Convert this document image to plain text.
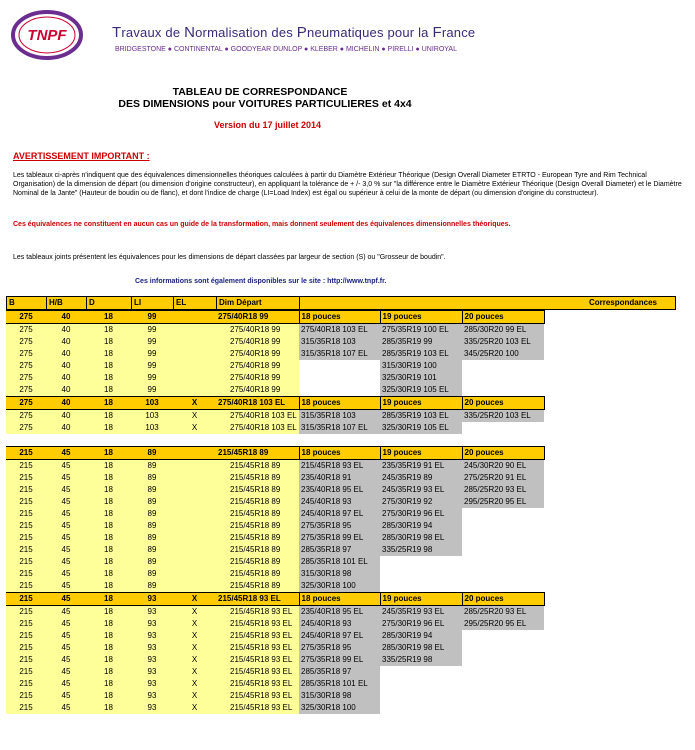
TNPF	Travaux de Normalisation des Pneumatiques pour la France
BRIDGESTONE ● CONTINENTAL ● GOODYEAR DUNLOP ● KLEBER ● MICHELIN ● PIRELLI ● UNIROYAL
TABLEAU DE CORRESPONDANCE
DES DIMENSIONS pour VOITURES PARTICULIERES et 4x4
Version du 17 juillet 2014
AVERTISSEMENT IMPORTANT :
Les tableaux ci-après n'indiquent que des équivalences dimensionnelles théoriques calculées à partir du Diamètre Extérieur Théorique (Design Overall Diameter ETRTO - European Tyre and Rim Technical Organisation) de la dimension de départ (ou dimension d'origine constructeur), en appliquant la tolérance de + /- 3,0 % sur "la différence entre le Diamètre Extérieur Théorique (Design Overall Diameter) et le Diamètre Nominal de la Jante" (Hauteur de boudin ou de flanc), et dont l'indice de charge (LI=Load Index) est égal ou supérieur à celui de la monte de départ (ou dimension d'origine du constructeur).
Ces équivalences ne constituent en aucun cas un guide de la transformation, mais donnent seulement des équivalences dimensionnelles théoriques.
Les tableaux joints présentent les équivalences pour les dimensions de départ classées par largeur de section (S) ou "Grosseur de boudin".
Ces informations sont également disponibles sur le site : http://www.tnpf.fr.
B	H/B	D	LI	EL	Dim Départ			Correspondances
275	40	18	99		275/40R18 99	18 pouces	19 pouces	20 pouces	
275	40	18	99		275/40R18 99	275/40R18 103 EL	275/35R19 100 EL	285/30R20 99 EL	
275	40	18	99		275/40R18 99	315/35R18 103	285/35R19 99	335/25R20 103 EL	
275	40	18	99		275/40R18 99	315/35R18 107 EL	285/35R19 103 EL	345/25R20 100	
275	40	18	99		275/40R18 99		315/30R19 100		
275	40	18	99		275/40R18 99		325/30R19 101		
275	40	18	99		275/40R18 99		325/30R19 105 EL		
275	40	18	103	X	275/40R18 103 EL	18 pouces	19 pouces	20 pouces	
275	40	18	103	X	275/40R18 103 EL	315/35R18 103	285/35R19 103 EL	335/25R20 103 EL	
275	40	18	103	X	275/40R18 103 EL	315/35R18 107 EL	325/30R19 105 EL		

215	45	18	89		215/45R18 89	18 pouces	19 pouces	20 pouces	
215	45	18	89		215/45R18 89	215/45R18 93 EL	235/35R19 91 EL	245/30R20 90 EL	
215	45	18	89		215/45R18 89	235/40R18 91	245/35R19 89	275/25R20 91 EL	
215	45	18	89		215/45R18 89	235/40R18 95 EL	245/35R19 93 EL	285/25R20 93 EL	
215	45	18	89		215/45R18 89	245/40R18 93	275/30R19 92	295/25R20 95 EL	
215	45	18	89		215/45R18 89	245/40R18 97 EL	275/30R19 96 EL		
215	45	18	89		215/45R18 89	275/35R18 95	285/30R19 94		
215	45	18	89		215/45R18 89	275/35R18 99 EL	285/30R19 98 EL		
215	45	18	89		215/45R18 89	285/35R18 97	335/25R19 98		
215	45	18	89		215/45R18 89	285/35R18 101 EL			
215	45	18	89		215/45R18 89	315/30R18 98			
215	45	18	89		215/45R18 89	325/30R18 100			
215	45	18	93	X	215/45R18 93 EL	18 pouces	19 pouces	20 pouces	
215	45	18	93	X	215/45R18 93 EL	235/40R18 95 EL	245/35R19 93 EL	285/25R20 93 EL	
215	45	18	93	X	215/45R18 93 EL	245/40R18 93	275/30R19 96 EL	295/25R20 95 EL	
215	45	18	93	X	215/45R18 93 EL	245/40R18 97 EL	285/30R19 94		
215	45	18	93	X	215/45R18 93 EL	275/35R18 95	285/30R19 98 EL		
215	45	18	93	X	215/45R18 93 EL	275/35R18 99 EL	335/25R19 98		
215	45	18	93	X	215/45R18 93 EL	285/35R18 97			
215	45	18	93	X	215/45R18 93 EL	285/35R18 101 EL			
215	45	18	93	X	215/45R18 93 EL	315/30R18 98			
215	45	18	93	X	215/45R18 93 EL	325/30R18 100			
